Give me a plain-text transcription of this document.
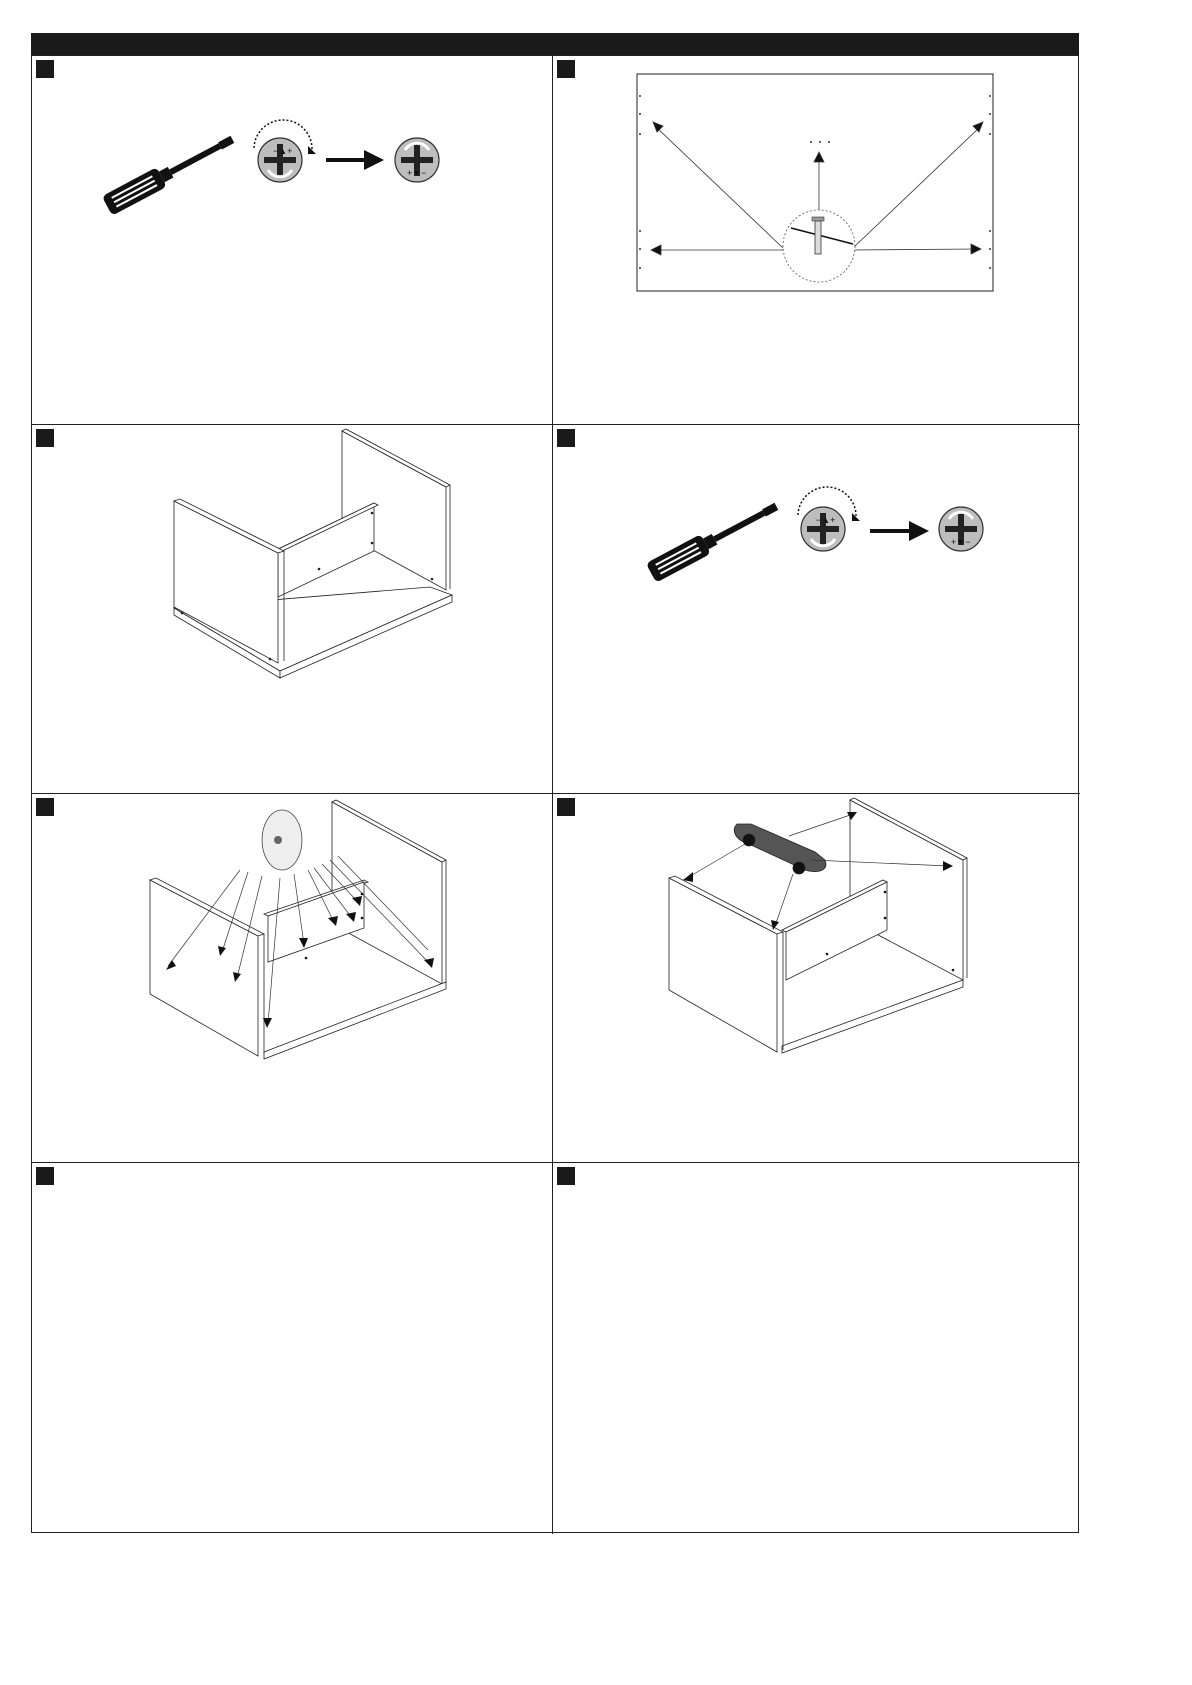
−▲+
+▼−
−▲+
+▼−
